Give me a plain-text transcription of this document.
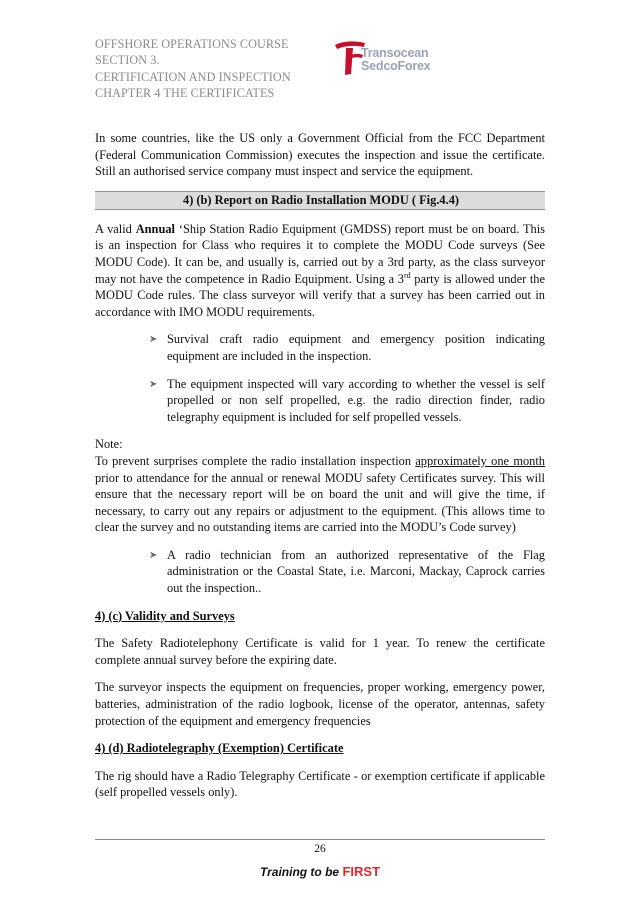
OFFSHORE OPERATIONS COURSE
SECTION 3.
CERTIFICATION AND INSPECTION
CHAPTER 4 THE CERTIFICATES
Transocean
SedcoForex

In some countries, like the US only a Government Official from the FCC Department (Federal Communication Commission) executes the inspection and issue the certificate. Still an authorised service company must inspect and service the equipment.

4) (b) Report on Radio Installation MODU ( Fig.4.4)

A valid Annual ‘Ship Station Radio Equipment (GMDSS) report must be on board. This is an inspection for Class who requires it to complete the MODU Code surveys (See MODU Code). It can be, and usually is, carried out by a 3rd party, as the class surveyor may not have the competence in Radio Equipment. Using a 3rd party is allowed under the MODU Code rules. The class surveyor will verify that a survey has been carried out in accordance with IMO MODU requirements.

➤ Survival craft radio equipment and emergency position indicating equipment are included in the inspection.

➤ The equipment inspected will vary according to whether the vessel is self propelled or non self propelled, e.g. the radio direction finder, radio telegraphy equipment is included for self propelled vessels.

Note:

To prevent surprises complete the radio installation inspection approximately one month prior to attendance for the annual or renewal MODU safety Certificates survey. This will ensure that the necessary report will be on board the unit and will give the time, if necessary, to carry out any repairs or adjustment to the equipment. (This allows time to clear the survey and no outstanding items are carried into the MODU’s Code survey)

➤ A radio technician from an authorized representative of the Flag administration or the Coastal State, i.e. Marconi, Mackay, Caprock carries out the inspection..

4) (c) Validity and Surveys

The Safety Radiotelephony Certificate is valid for 1 year. To renew the certificate complete annual survey before the expiring date.

The surveyor inspects the equipment on frequencies, proper working, emergency power, batteries, administration of the radio logbook, license of the operator, antennas, safety protection of the equipment and emergency frequencies

4) (d) Radiotelegraphy (Exemption) Certificate

The rig should have a Radio Telegraphy Certificate - or exemption certificate if applicable (self propelled vessels only).

26
Training to be FIRST
